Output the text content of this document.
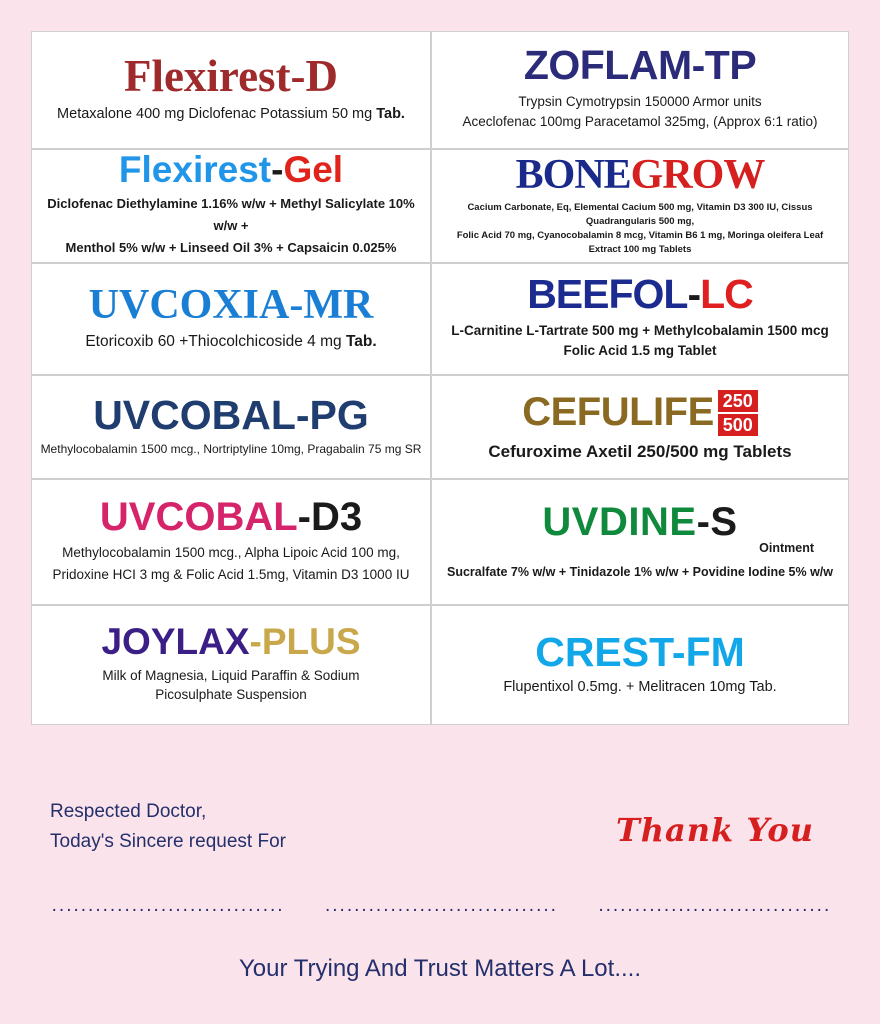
Flexirest-D
Metaxalone 400 mg Diclofenac Potassium 50 mg Tab.
ZOFLAM-TP
Trypsin Cymotrypsin 150000 Armor units
Aceclofenac 100mg Paracetamol 325mg, (Approx 6:1 ratio)
Flexirest-Gel
Diclofenac Diethylamine 1.16% w/w + Methyl Salicylate 10% w/w +
Menthol 5% w/w + Linseed Oil 3% + Capsaicin 0.025%
BONEGROW
Cacium Carbonate, Eq, Elemental Cacium 500 mg, Vitamin D3 300 IU, Cissus Quadrangularis 500 mg,
Folic Acid 70 mg, Cyanocobalamin 8 mcg, Vitamin B6 1 mg, Moringa oleifera Leaf Extract 100 mg Tablets
UVCOXIA-MR
Etoricoxib 60 +Thiocolchicoside 4 mg Tab.
BEEFOL-LC
L-Carnitine L-Tartrate 500 mg + Methylcobalamin 1500 mcg
Folic Acid 1.5 mg Tablet
UVCOBAL-PG
Methylocobalamin 1500 mcg., Nortriptyline 10mg, Pragabalin 75 mg SR
CEFULIFE 250
500
Cefuroxime Axetil 250/500 mg Tablets
UVCOBAL-D3
Methylocobalamin 1500 mcg., Alpha Lipoic Acid 100 mg,
Pridoxine HCI 3 mg & Folic Acid 1.5mg, Vitamin D3 1000 IU
UVDINE-S
Ointment
Sucralfate 7% w/w + Tinidazole 1% w/w + Povidine Iodine 5% w/w
JOYLAX-PLUS
Milk of Magnesia, Liquid Paraffin & Sodium
Picosulphate Suspension
CREST-FM
Flupentixol 0.5mg. + Melitracen 10mg Tab.
Respected Doctor,
Today's Sincere request For	Thank You
................................ ................................ ................................
Your Trying And Trust Matters A Lot....
